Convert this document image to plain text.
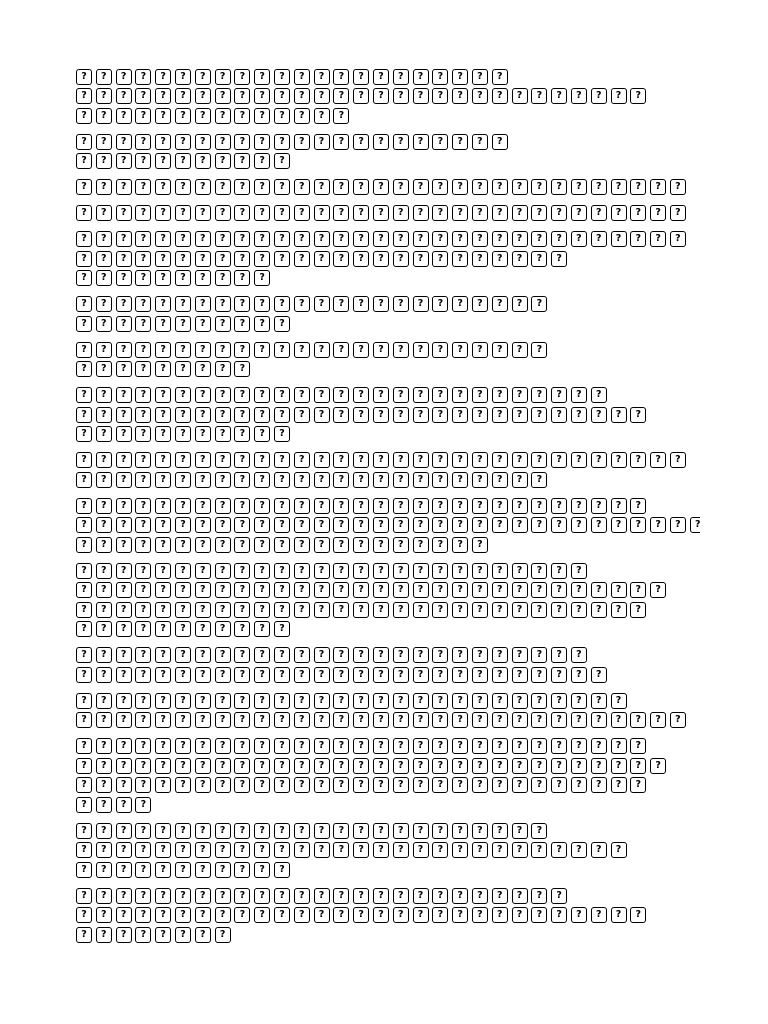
?	?	?	?	?	?	?	?	?	?	?	?	?	?	?	?	?	?	?	?	?	?
?	?	?	?	?	?	?	?	?	?	?	?	?	?	?	?	?	?	?	?	?	?	?	?	?	?	?	?	?
?	?	?	?	?	?	?	?	?	?	?	?	?	?
?	?	?	?	?	?	?	?	?	?	?	?	?	?	?	?	?	?	?	?	?	?
?	?	?	?	?	?	?	?	?	?	?
?	?	?	?	?	?	?	?	?	?	?	?	?	?	?	?	?	?	?	?	?	?	?	?	?	?	?	?	?	?	?
?	?	?	?	?	?	?	?	?	?	?	?	?	?	?	?	?	?	?	?	?	?	?	?	?	?	?	?	?	?	?
?	?	?	?	?	?	?	?	?	?	?	?	?	?	?	?	?	?	?	?	?	?	?	?	?	?	?	?	?	?	?
?	?	?	?	?	?	?	?	?	?	?	?	?	?	?	?	?	?	?	?	?	?	?	?	?
?	?	?	?	?	?	?	?	?	?
?	?	?	?	?	?	?	?	?	?	?	?	?	?	?	?	?	?	?	?	?	?	?	?
?	?	?	?	?	?	?	?	?	?	?
?	?	?	?	?	?	?	?	?	?	?	?	?	?	?	?	?	?	?	?	?	?	?	?
?	?	?	?	?	?	?	?	?
?	?	?	?	?	?	?	?	?	?	?	?	?	?	?	?	?	?	?	?	?	?	?	?	?	?	?
?	?	?	?	?	?	?	?	?	?	?	?	?	?	?	?	?	?	?	?	?	?	?	?	?	?	?	?	?
?	?	?	?	?	?	?	?	?	?	?
?	?	?	?	?	?	?	?	?	?	?	?	?	?	?	?	?	?	?	?	?	?	?	?	?	?	?	?	?	?	?
?	?	?	?	?	?	?	?	?	?	?	?	?	?	?	?	?	?	?	?	?	?	?	?
?	?	?	?	?	?	?	?	?	?	?	?	?	?	?	?	?	?	?	?	?	?	?	?	?	?	?	?	?
?	?	?	?	?	?	?	?	?	?	?	?	?	?	?	?	?	?	?	?	?	?	?	?	?	?	?	?	?	?	?	?
?	?	?	?	?	?	?	?	?	?	?	?	?	?	?	?	?	?	?	?	?
?	?	?	?	?	?	?	?	?	?	?	?	?	?	?	?	?	?	?	?	?	?	?	?	?	?
?	?	?	?	?	?	?	?	?	?	?	?	?	?	?	?	?	?	?	?	?	?	?	?	?	?	?	?	?	?
?	?	?	?	?	?	?	?	?	?	?	?	?	?	?	?	?	?	?	?	?	?	?	?	?	?	?	?	?
?	?	?	?	?	?	?	?	?	?	?
?	?	?	?	?	?	?	?	?	?	?	?	?	?	?	?	?	?	?	?	?	?	?	?	?	?
?	?	?	?	?	?	?	?	?	?	?	?	?	?	?	?	?	?	?	?	?	?	?	?	?	?	?
?	?	?	?	?	?	?	?	?	?	?	?	?	?	?	?	?	?	?	?	?	?	?	?	?	?	?	?
?	?	?	?	?	?	?	?	?	?	?	?	?	?	?	?	?	?	?	?	?	?	?	?	?	?	?	?	?	?	?
?	?	?	?	?	?	?	?	?	?	?	?	?	?	?	?	?	?	?	?	?	?	?	?	?	?	?	?	?
?	?	?	?	?	?	?	?	?	?	?	?	?	?	?	?	?	?	?	?	?	?	?	?	?	?	?	?	?	?
?	?	?	?	?	?	?	?	?	?	?	?	?	?	?	?	?	?	?	?	?	?	?	?	?	?	?	?	?
?	?	?	?
?	?	?	?	?	?	?	?	?	?	?	?	?	?	?	?	?	?	?	?	?	?	?	?
?	?	?	?	?	?	?	?	?	?	?	?	?	?	?	?	?	?	?	?	?	?	?	?	?	?	?	?
?	?	?	?	?	?	?	?	?	?	?
?	?	?	?	?	?	?	?	?	?	?	?	?	?	?	?	?	?	?	?	?	?	?	?	?
?	?	?	?	?	?	?	?	?	?	?	?	?	?	?	?	?	?	?	?	?	?	?	?	?	?	?	?	?
?	?	?	?	?	?	?	?
